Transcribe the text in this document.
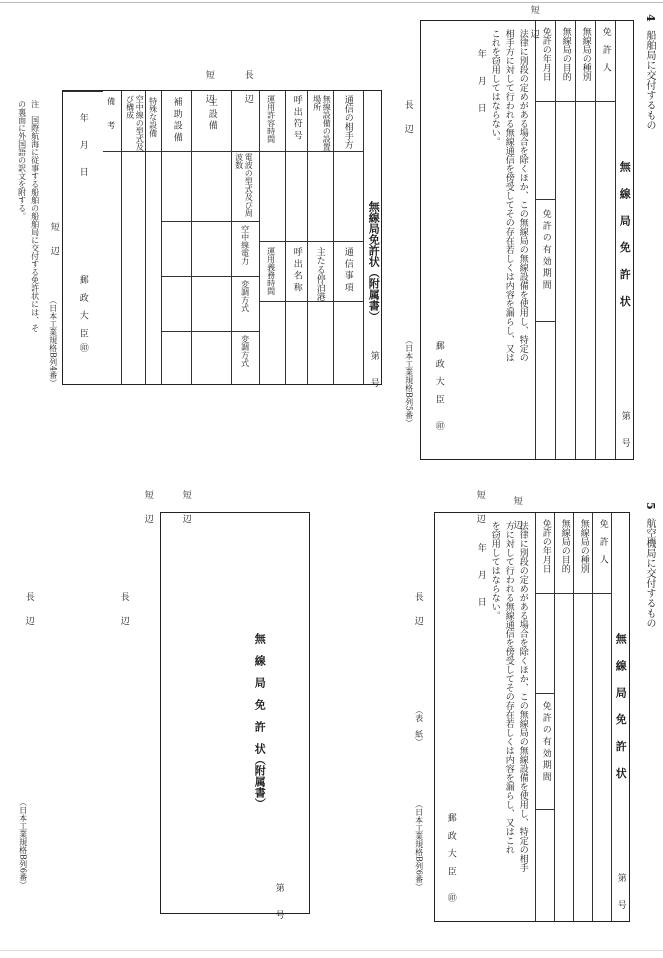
4
船舶局に交付するもの
無 線 局 免 許 状
第　　号
免 許 人
無線局の種別
無線局の目的
免許の年月日
免 許 の 有 効 期 間
法律に別段の定めがある場合を除くほか、この無線局の無線設備を使用し、特定の
相手方に対して行われる無線通信を傍受してその存在若しくは内容を漏らし、又は
これを窃用してはならない。
年　　月　　日
郵 政 大 臣
㊞
短　辺
長　辺
（日本工業規格B列5番）
無線局免許状（附属書）
第　　号
通信の相手方
通 信 事 項
無線設備の設置場所
主たる停泊港
呼 出 符 号
呼 出 名 称
運用許容時間
運用義務時間
電波の型式及び周波数
空中線電力
変調方式
変調方式
主 設 備
補 助 設 備
特殊な設備
空中線の型式及び構成
備　　考
年　　月　　日
郵 政 大 臣
㊞
長　辺
短　辺
短　辺
（日本工業規格B列4番）
注　国際航海に従事する船舶の船舶局に交付する免許状には、そ
の裏面に外国語の訳文を附する。
5
航空機局に交付するもの
無 線 局 免 許 状
第　　号
免 許 人
無線局の種別
無線局の目的
免許の年月日
免 許 の 有 効 期 間
法律に別段の定めがある場合を除くほか、この無線局の無線設備を使用し、特定の相手
方に対して行われる無線通信を傍受してその存在若しくは内容を漏らし、又はこれ
を窃用してはならない。
年　　月　　日
郵 政 大 臣
㊞
短　辺
長　辺
（表　紙）
（日本工業規格B列6番）
短　辺
無　線　局　免　許　状（附属書）
第　　号
短　辺
長　辺
長　辺
（日本工業規格B列6番）
短　辺
